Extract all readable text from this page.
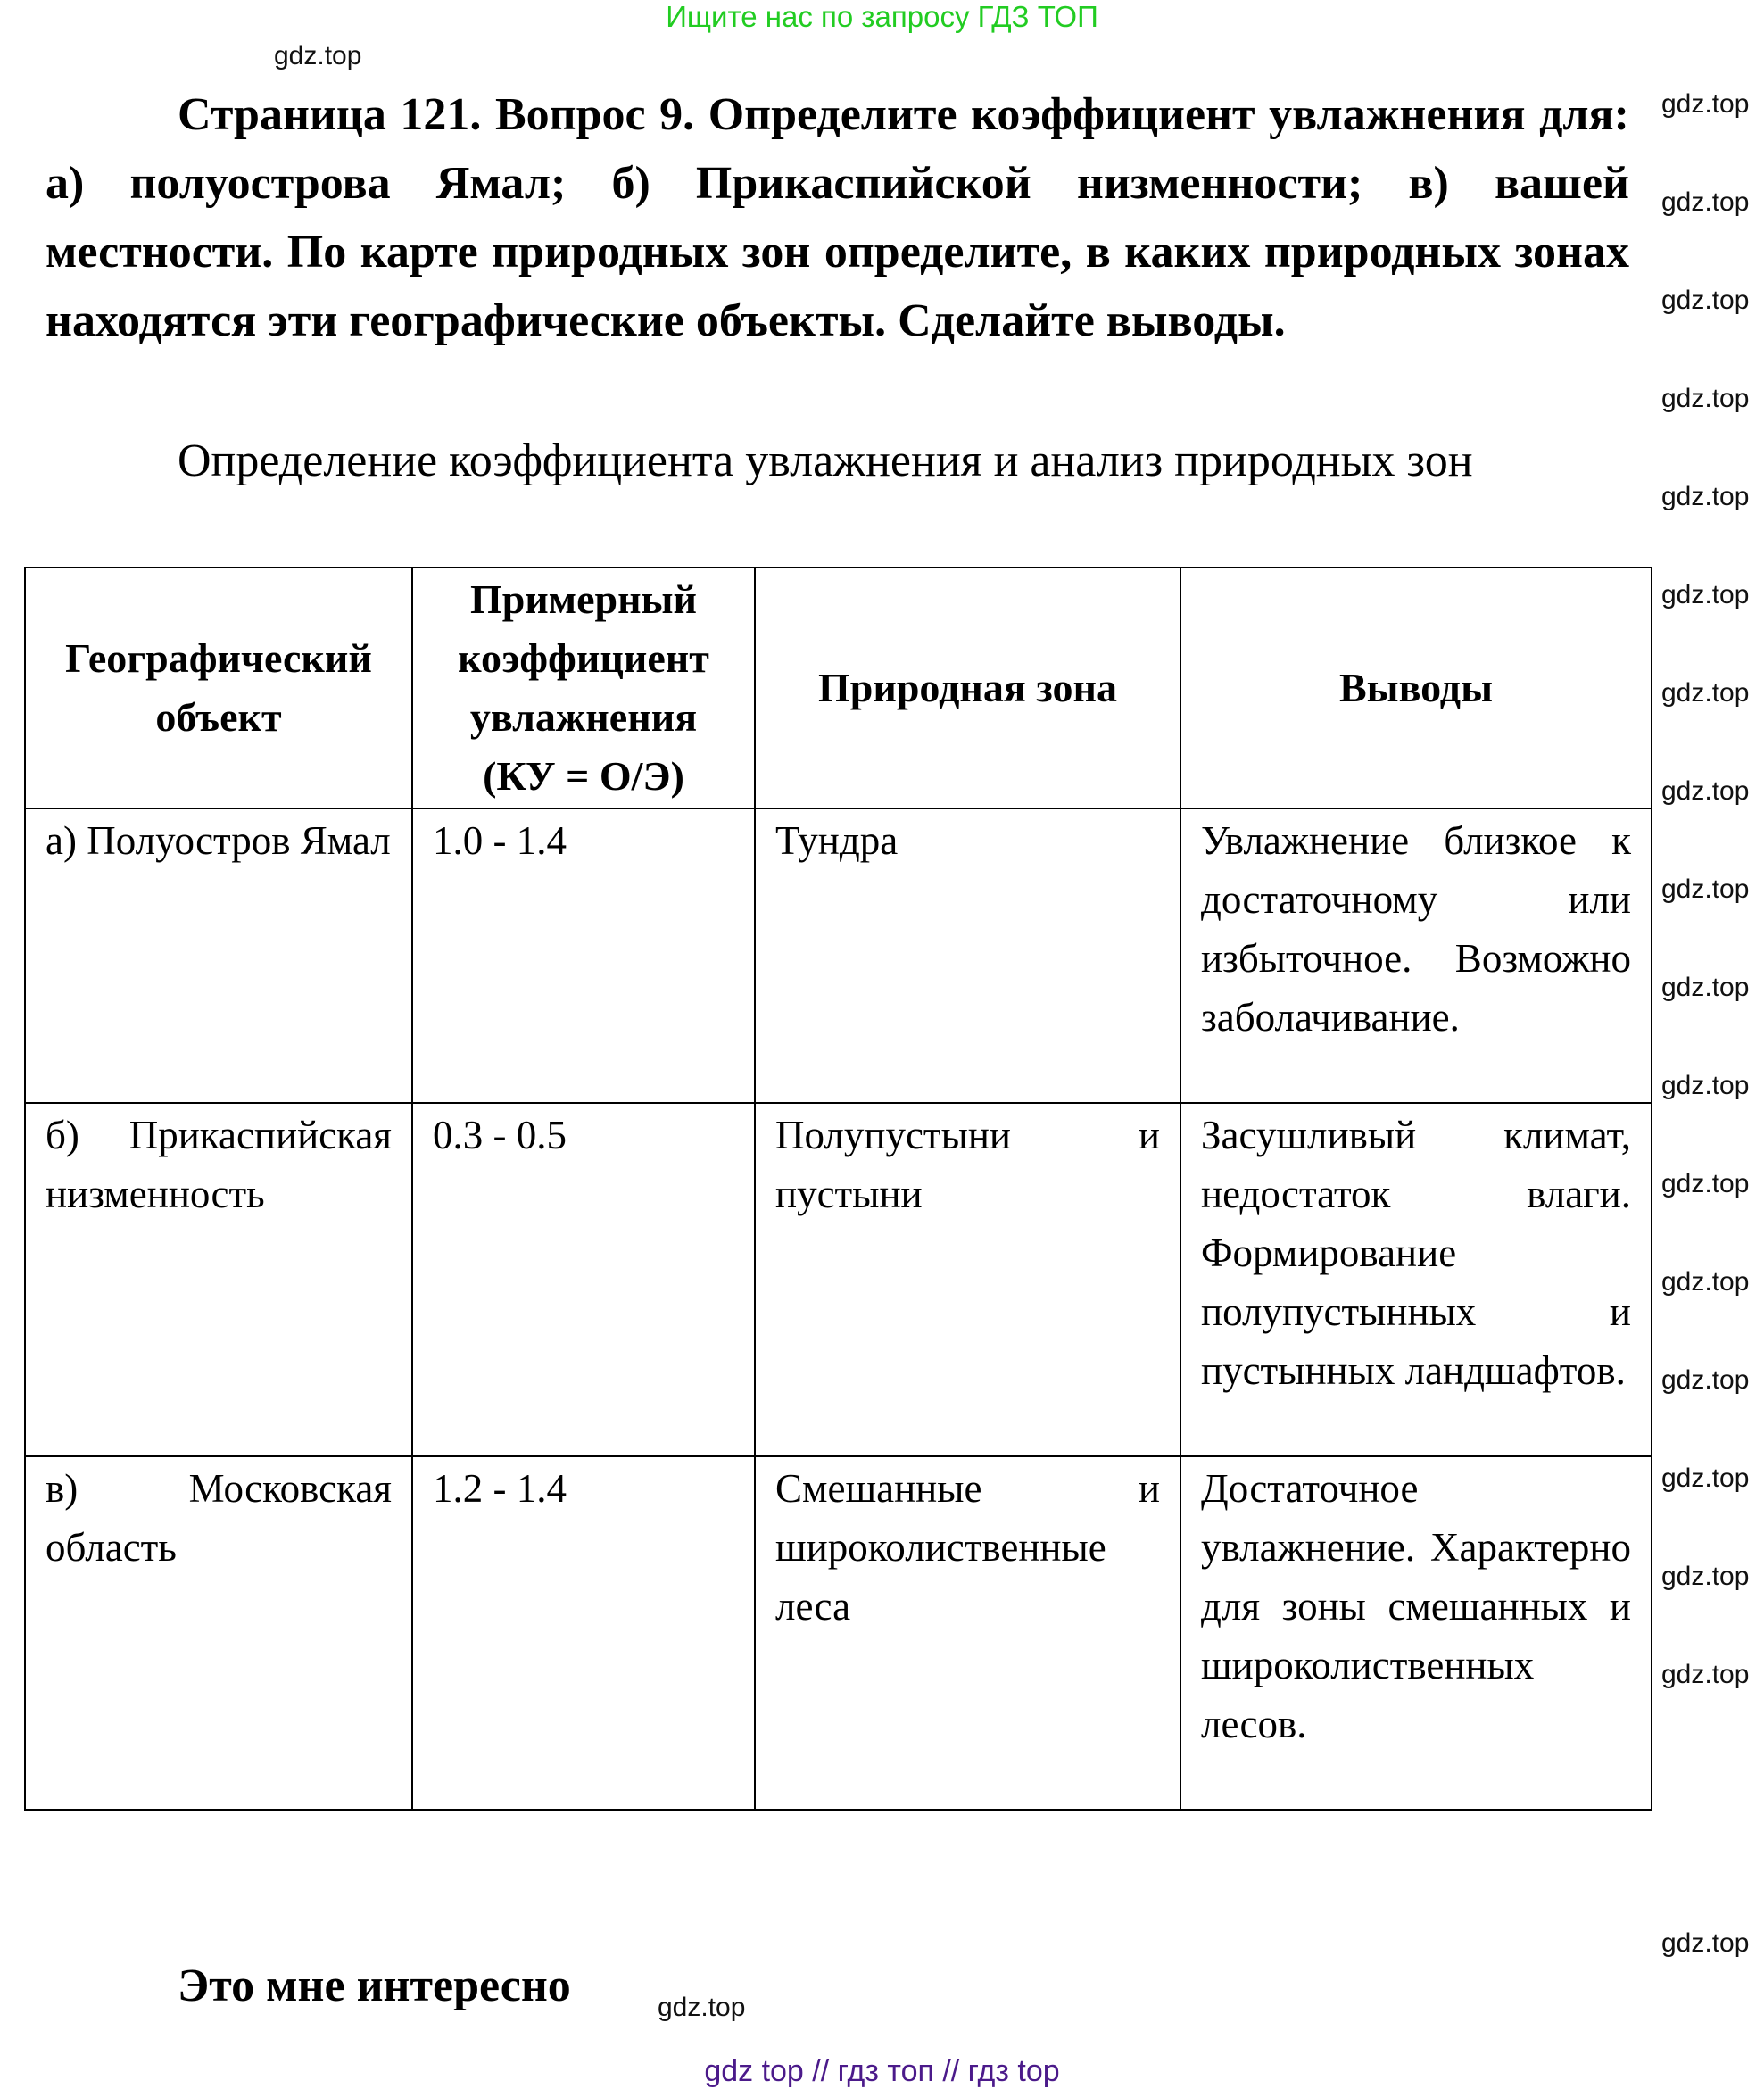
Ищите нас по запросу ГДЗ ТОП
Страница 121. Вопрос 9. Определите коэффициент увлажнения для: а) полуострова Ямал; б) Прикаспийской низменности; в) вашей местности. По карте природных зон определите, в каких природных зонах находятся эти географические объекты. Сделайте выводы.
Определение коэффициента увлажнения и анализ природных зон
Географический объект	Примерный коэффициент увлажнения (КУ = О/Э)	Природная зона	Выводы
а) Полуостров Ямал	1.0 - 1.4	Тундра	Увлажнение близкое к достаточному или избыточное. Возможно заболачивание.
б) Прикаспийская низменность	0.3 - 0.5	Полупустыни и пустыни	Засушливый климат, недостаток влаги. Формирование полупустынных и пустынных ландшафтов.
в) Московская область	1.2 - 1.4	Смешанные и широколиственные леса	Достаточное увлажнение. Характерно для зоны смешанных и широколиственных лесов.
Это мне интересно
gdz top // гдз топ // гдз top
gdz.top
gdz.top
gdz.top
gdz.top
gdz.top
gdz.top
gdz.top
gdz.top
gdz.top
gdz.top
gdz.top
gdz.top
gdz.top
gdz.top
gdz.top
gdz.top
gdz.top
gdz.top
gdz.top
gdz.top
